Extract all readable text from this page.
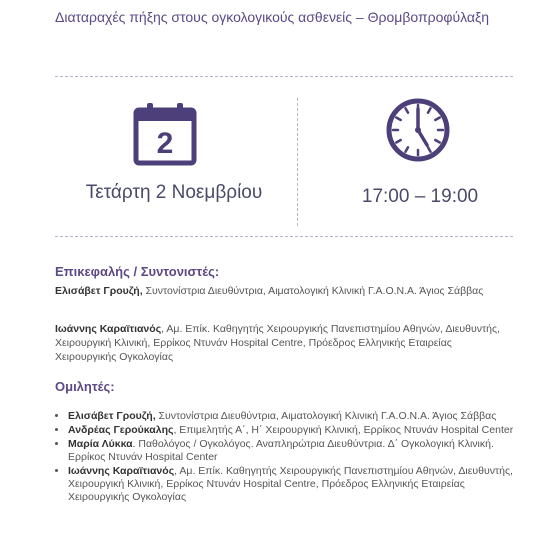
Διαταραχές πήξης στους ογκολογικούς ασθενείς – Θρομβοπροφύλαξη
2
Τετάρτη 2 Νοεμβρίου	17:00 – 19:00
Επικεφαλής / Συντονιστές:
Ελισάβετ Γρουζή, Συντονίστρια Διευθύντρια, Αιματολογική Κλινική Γ.Α.Ο.Ν.Α. Άγιος Σάββας
Ιωάννης Καραϊτιανός, Αμ. Επίκ. Καθηγητής Χειρουργικής Πανεπιστημίου Αθηνών, Διευθυντής, Χειρουργική Κλινική, Ερρίκος Ντυνάν Hospital Centre, Πρόεδρος Ελληνικής Εταιρείας Χειρουργικής Ογκολογίας
Ομιλητές:
• Ελισάβετ Γρουζή, Συντονίστρια Διευθύντρια, Αιματολογική Κλινική Γ.Α.Ο.Ν.Α. Άγιος Σάββας
• Ανδρέας Γερούκαλης, Επιμελητής Α΄, Η΄ Χειρουργική Κλινική, Ερρίκος Ντυνάν Hospital Center
• Μαρία Λύκκα. Παθολόγος / Ογκολόγος. Αναπληρώτρια Διευθύντρια. Δ΄ Ογκολογική Κλινική. Ερρίκος Ντυνάν Hospital Center
• Ιωάννης Καραϊτιανός, Αμ. Επίκ. Καθηγητής Χειρουργικής Πανεπιστημίου Αθηνών, Διευθυντής, Χειρουργική Κλινική, Ερρίκος Ντυνάν Hospital Centre, Πρόεδρος Ελληνικής Εταιρείας Χειρουργικής Ογκολογίας
